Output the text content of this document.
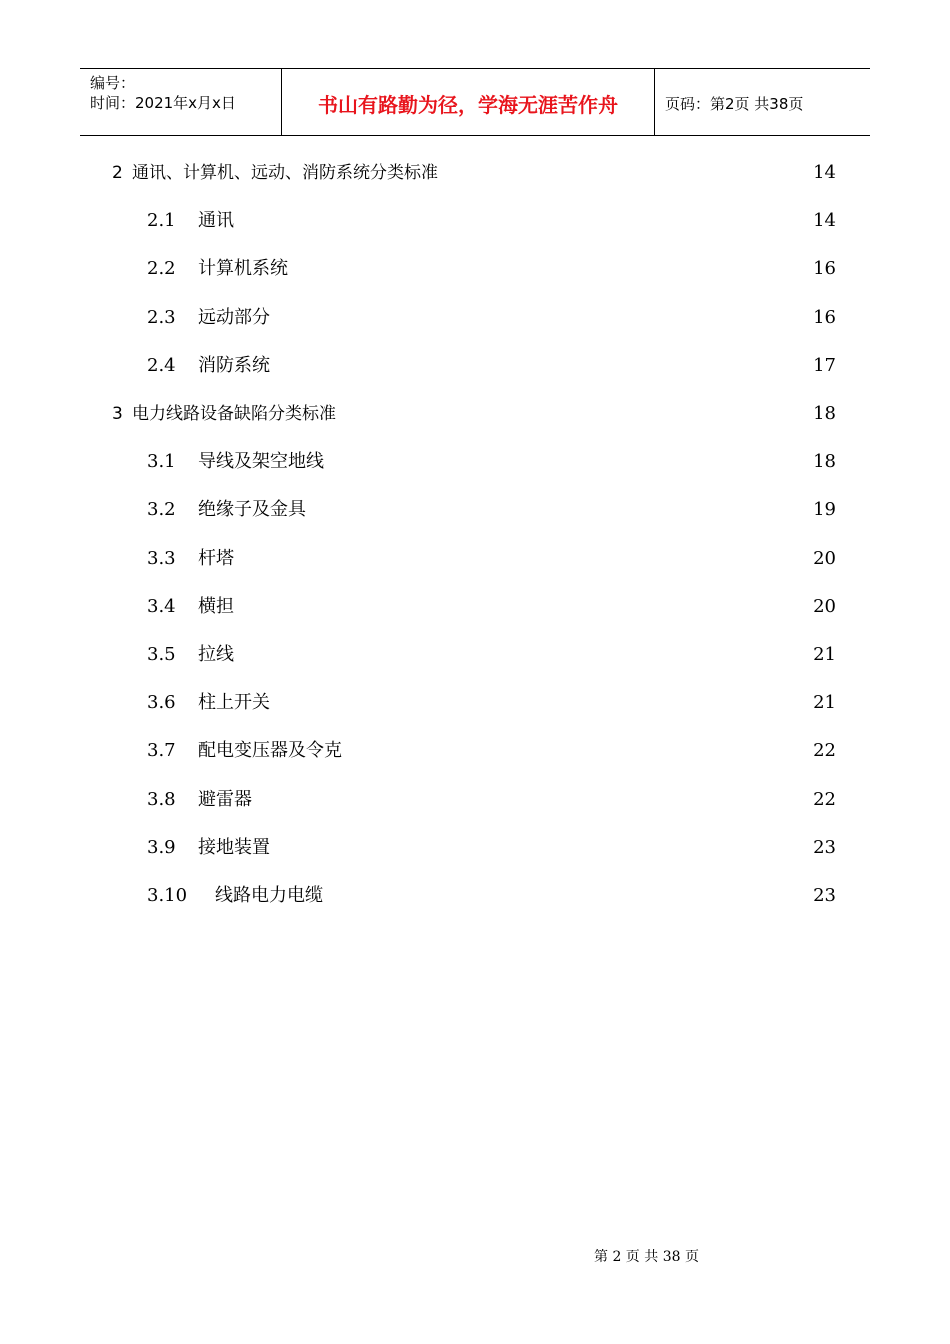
编号：
时间：2021年x月x日	书山有路勤为径，学海无涯苦作舟	页码：第2页 共38页
2 通讯、计算机、远动、消防系统分类标准	14
2.1 通讯	14
2.2 计算机系统	16
2.3 远动部分	16
2.4 消防系统	17
3 电力线路设备缺陷分类标准	18
3.1 导线及架空地线	18
3.2 绝缘子及金具	19
3.3 杆塔	20
3.4 横担	20
3.5 拉线	21
3.6 柱上开关	21
3.7 配电变压器及令克	22
3.8 避雷器	22
3.9 接地装置	23
3.10 线路电力电缆	23
第 2 页 共 38 页
